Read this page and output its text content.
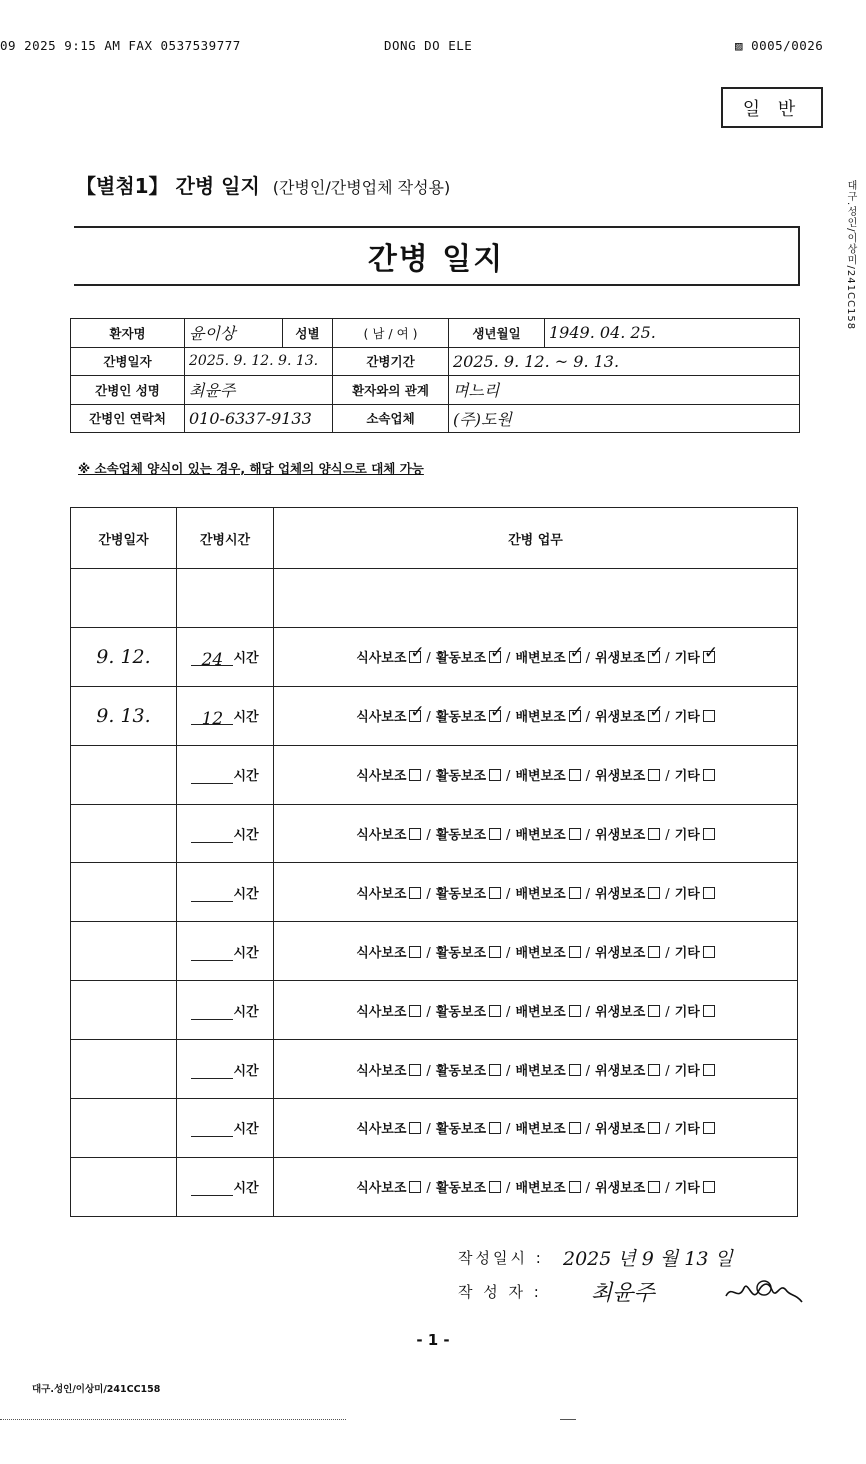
09 2025 9:15 AM FAX 0537539777	DONG DO ELE	▨ 0005/0026
일 반
대구.성인/이상미/241CC158
【별첨1】 간병 일지 (간병인/간병업체 작성용)
간병 일지
환자명	윤이상	성별	( 남 / 여 )	생년월일	1949. 04. 25.
간병일자	2025. 9. 12. 9. 13.		간병기간	2025. 9. 12. ~ 9. 13.	
간병인 성명	최윤주		환자와의 관계	며느리	
간병인 연락처	010-6337-9133		소속업체	(주)도원	
※ 소속업체 양식이 있는 경우, 해당 업체의 양식으로 대체 가능
간병일자	간병시간	간병 업무

9. 12.	24 시간	식사보조 ✓ / 활동보조 ✓ / 배변보조 ✓ / 위생보조 ✓ / 기타✓
9. 13.	12 시간	식사보조 ✓ / 활동보조 ✓ / 배변보조 ✓ / 위생보조 ✓ / 기타
	시간	식사보조 / 활동보조 / 배변보조 / 위생보조 / 기타
	시간	식사보조 / 활동보조 / 배변보조 / 위생보조 / 기타
	시간	식사보조 / 활동보조 / 배변보조 / 위생보조 / 기타
	시간	식사보조 / 활동보조 / 배변보조 / 위생보조 / 기타
	시간	식사보조 / 활동보조 / 배변보조 / 위생보조 / 기타
	시간	식사보조 / 활동보조 / 배변보조 / 위생보조 / 기타
	시간	식사보조 / 활동보조 / 배변보조 / 위생보조 / 기타
	시간	식사보조 / 활동보조 / 배변보조 / 위생보조 / 기타
작성일시 :	2025 년 9 월 13 일
작 성 자 :	최윤주
- 1 -
대구.성인/이상미/241CC158
